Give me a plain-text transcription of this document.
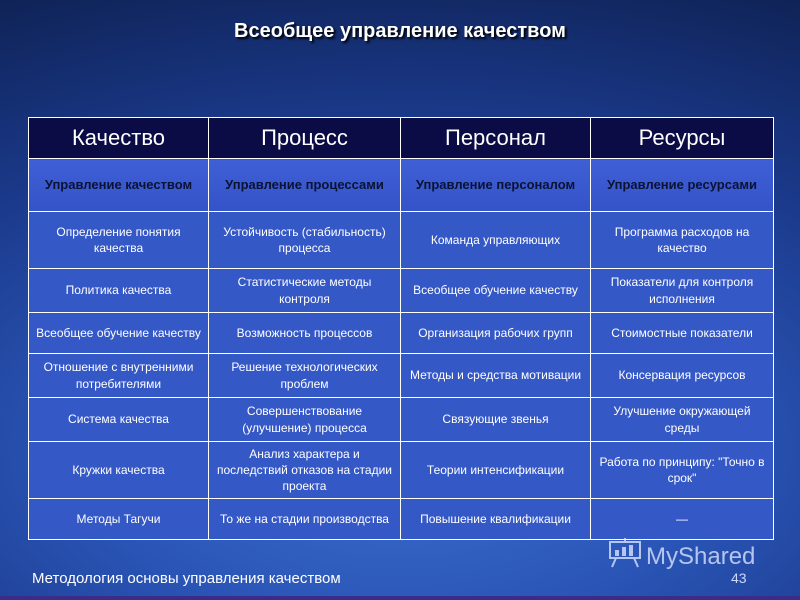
Всеобщее управление качеством
Качество	Процесс	Персонал	Ресурсы
Управление качеством	Управление процессами	Управление персоналом	Управление ресурсами
Определение понятия качества	Устойчивость (стабильность) процесса	Команда управляющих	Программа расходов на качество
Политика качества	Статистические методы контроля	Всеобщее обучение качеству	Показатели для контроля исполнения
Всеобщее обучение качеству	Возможность процессов	Организация рабочих групп	Стоимостные показатели
Отношение с внутренними потребителями	Решение технологических проблем	Методы и средства мотивации	Консервация ресурсов
Система качества	Совершенствование (улучшение) процесса	Связующие звенья	Улучшение окружающей среды
Кружки качества	Анализ характера и последствий отказов на стадии проекта	Теории интенсификации	Работа по принципу: "Точно в срок"
Методы Тагучи	То же на стадии производства	Повышение квалификации	—
MyShared
Методология основы управления качеством	43
